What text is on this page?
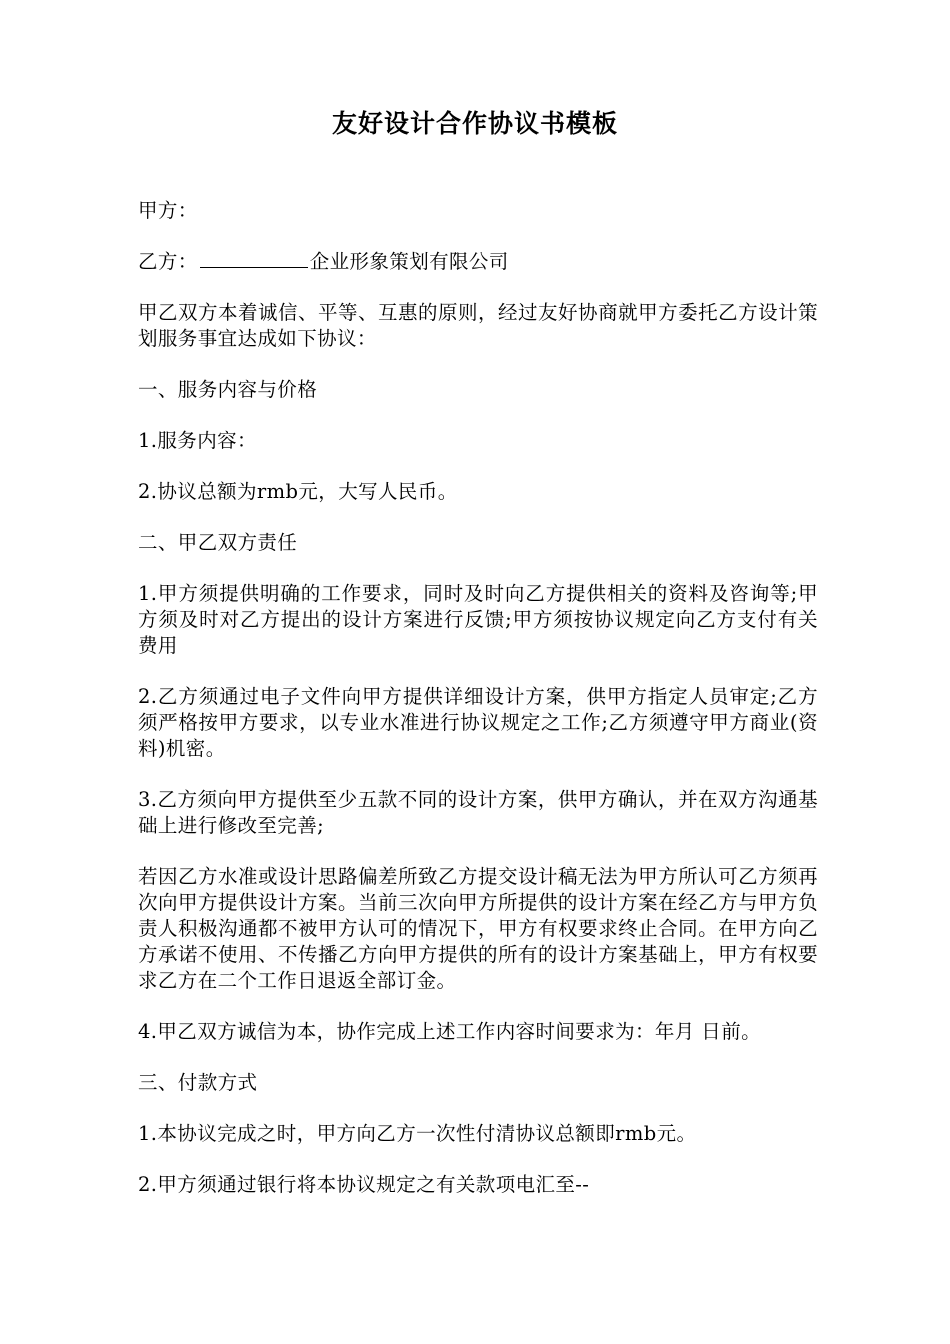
友好设计合作协议书模板

甲方：

乙方：	企业形象策划有限公司

甲乙双方本着诚信、平等、互惠的原则，经过友好协商就甲方委托乙方设计策划服务事宜达成如下协议：

一、服务内容与价格

1.服务内容：

2.协议总额为rmb元，大写人民币。

二、甲乙双方责任

1.甲方须提供明确的工作要求，同时及时向乙方提供相关的资料及咨询等;甲方须及时对乙方提出的设计方案进行反馈;甲方须按协议规定向乙方支付有关费用

2.乙方须通过电子文件向甲方提供详细设计方案，供甲方指定人员审定;乙方须严格按甲方要求，以专业水准进行协议规定之工作;乙方须遵守甲方商业(资料)机密。

3.乙方须向甲方提供至少五款不同的设计方案，供甲方确认，并在双方沟通基础上进行修改至完善;

若因乙方水准或设计思路偏差所致乙方提交设计稿无法为甲方所认可乙方须再次向甲方提供设计方案。当前三次向甲方所提供的设计方案在经乙方与甲方负责人积极沟通都不被甲方认可的情况下，甲方有权要求终止合同。在甲方向乙方承诺不使用、不传播乙方向甲方提供的所有的设计方案基础上，甲方有权要求乙方在二个工作日退返全部订金。

4.甲乙双方诚信为本，协作完成上述工作内容时间要求为：年月 日前。

三、付款方式

1.本协议完成之时，甲方向乙方一次性付清协议总额即rmb元。

2.甲方须通过银行将本协议规定之有关款项电汇至--
